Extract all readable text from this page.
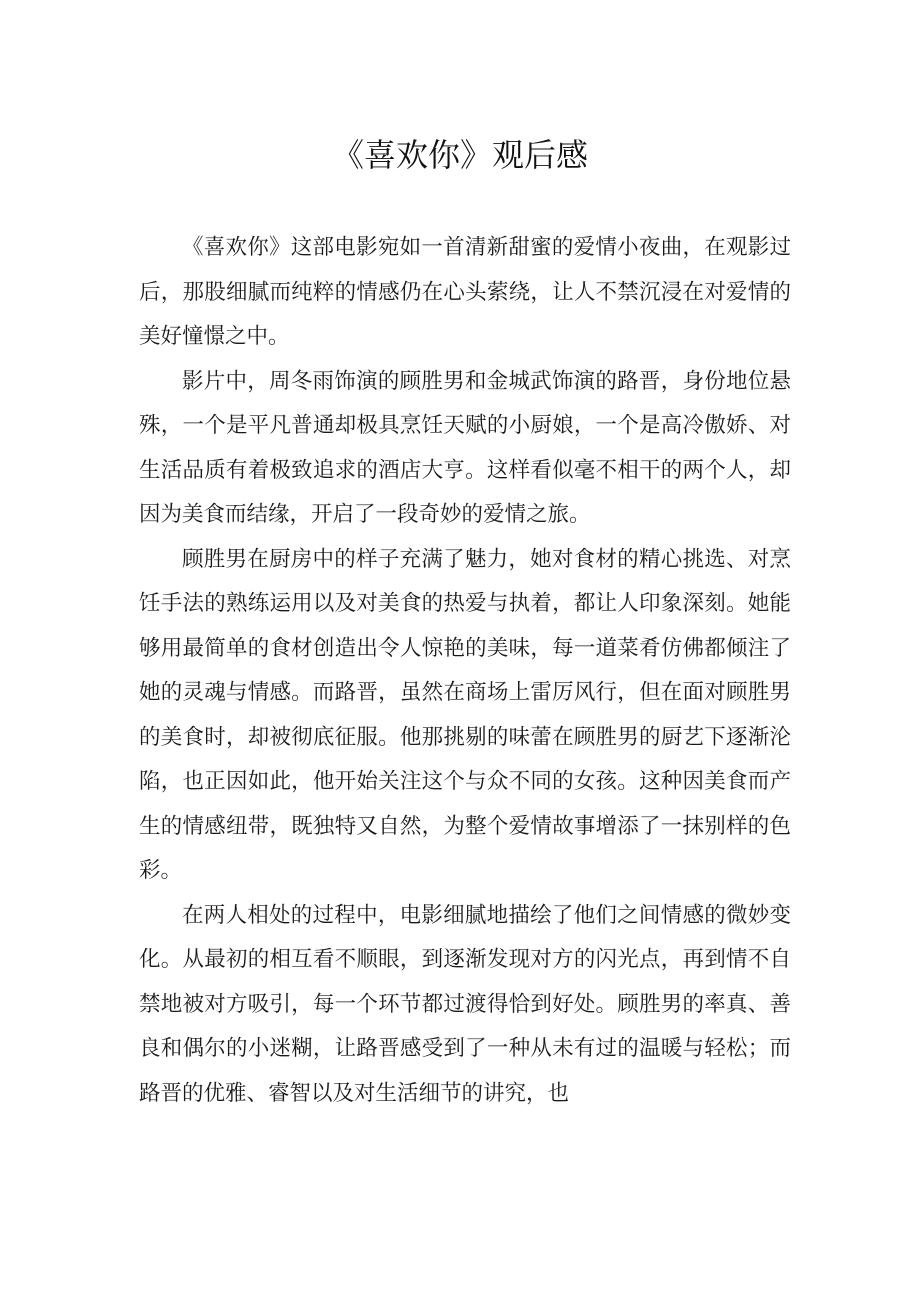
《喜欢你》观后感

《喜欢你》这部电影宛如一首清新甜蜜的爱情小夜曲，在观影过后，那股细腻而纯粹的情感仍在心头萦绕，让人不禁沉浸在对爱情的美好憧憬之中。

影片中，周冬雨饰演的顾胜男和金城武饰演的路晋，身份地位悬殊，一个是平凡普通却极具烹饪天赋的小厨娘，一个是高冷傲娇、对生活品质有着极致追求的酒店大亨。这样看似毫不相干的两个人，却因为美食而结缘，开启了一段奇妙的爱情之旅。

顾胜男在厨房中的样子充满了魅力，她对食材的精心挑选、对烹饪手法的熟练运用以及对美食的热爱与执着，都让人印象深刻。她能够用最简单的食材创造出令人惊艳的美味，每一道菜肴仿佛都倾注了她的灵魂与情感。而路晋，虽然在商场上雷厉风行，但在面对顾胜男的美食时，却被彻底征服。他那挑剔的味蕾在顾胜男的厨艺下逐渐沦陷，也正因如此，他开始关注这个与众不同的女孩。这种因美食而产生的情感纽带，既独特又自然，为整个爱情故事增添了一抹别样的色彩。

在两人相处的过程中，电影细腻地描绘了他们之间情感的微妙变化。从最初的相互看不顺眼，到逐渐发现对方的闪光点，再到情不自禁地被对方吸引，每一个环节都过渡得恰到好处。顾胜男的率真、善良和偶尔的小迷糊，让路晋感受到了一种从未有过的温暖与轻松；而路晋的优雅、睿智以及对生活细节的讲究，也
